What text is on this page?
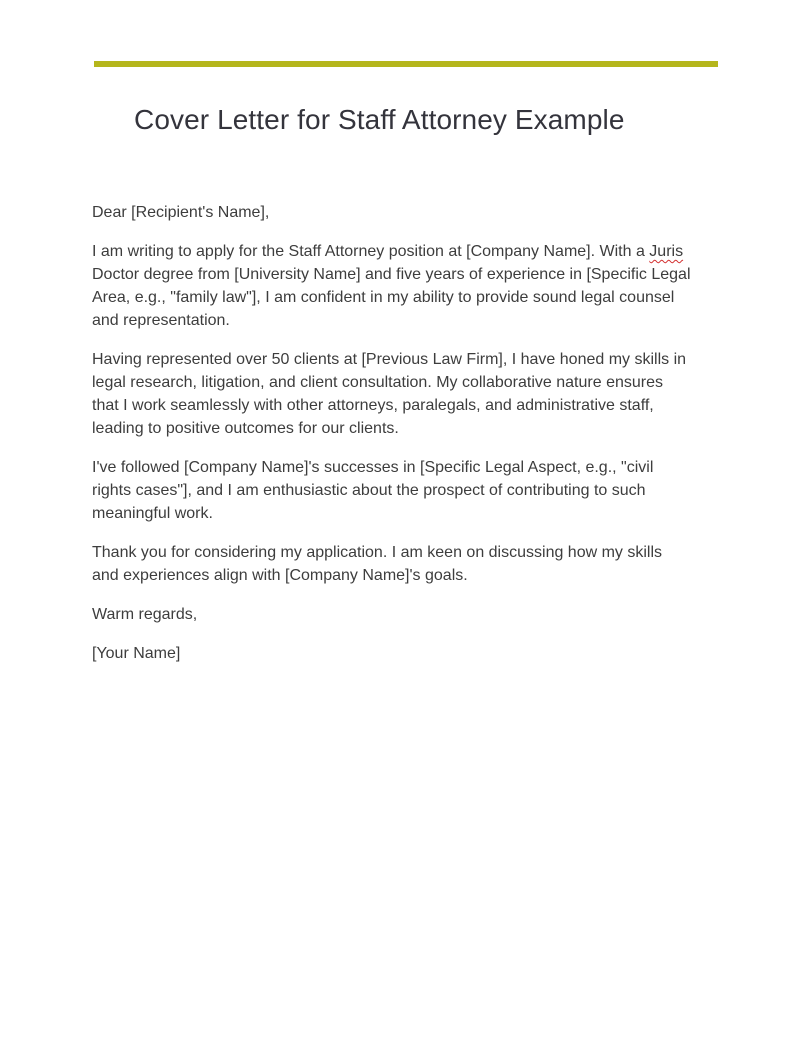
Cover Letter for Staff Attorney Example

Dear [Recipient's Name],

I am writing to apply for the Staff Attorney position at [Company Name]. With a Juris Doctor degree from [University Name] and five years of experience in [Specific Legal Area, e.g., "family law"], I am confident in my ability to provide sound legal counsel and representation.

Having represented over 50 clients at [Previous Law Firm], I have honed my skills in legal research, litigation, and client consultation. My collaborative nature ensures that I work seamlessly with other attorneys, paralegals, and administrative staff, leading to positive outcomes for our clients.

I've followed [Company Name]'s successes in [Specific Legal Aspect, e.g., "civil rights cases"], and I am enthusiastic about the prospect of contributing to such meaningful work.

Thank you for considering my application. I am keen on discussing how my skills and experiences align with [Company Name]'s goals.

Warm regards,

[Your Name]
